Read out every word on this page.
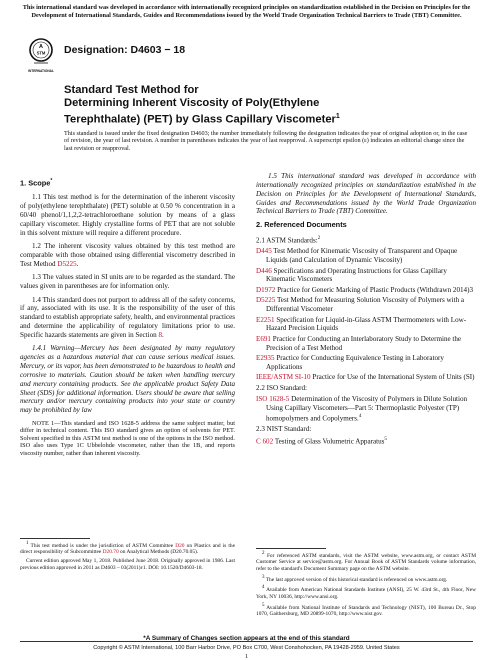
This international standard was developed in accordance with internationally recognized principles on standardization established in the Decision on Principles for the Development of International Standards, Guides and Recommendations issued by the World Trade Organization Technical Barriers to Trade (TBT) Committee.
A
STM
INTERNATIONAL
Designation: D4603 − 18
Standard Test Method for
Determining Inherent Viscosity of Poly(Ethylene
Terephthalate) (PET) by Glass Capillary Viscometer$^1$
This standard is issued under the fixed designation D4603; the number immediately following the designation indicates the year of original adoption or, in the case of revision, the year of last revision. A number in parentheses indicates the year of last reapproval. A superscript epsilon (ε) indicates an editorial change since the last revision or reapproval.
1. Scope*

1.1 This test method is for the determination of the inherent viscosity of poly(ethylene terephthalate) (PET) soluble at 0.50 % concentration in a 60/40 phenol/1,1,2,2-tetrachloroethane solution by means of a glass capillary viscometer. Highly crystalline forms of PET that are not soluble in this solvent mixture will require a different procedure.

1.2 The inherent viscosity values obtained by this test method are comparable with those obtained using differential viscometry described in Test Method D5225.

1.3 The values stated in SI units are to be regarded as the standard. The values given in parentheses are for information only.

1.4 This standard does not purport to address all of the safety concerns, if any, associated with its use. It is the responsibility of the user of this standard to establish appropriate safety, health, and environmental practices and determine the applicability of regulatory limitations prior to use. Specific hazards statements are given in Section 8.

1.4.1 Warning—Mercury has been designated by many regulatory agencies as a hazardous material that can cause serious medical issues. Mercury, or its vapor, has been demonstrated to be hazardous to health and corrosive to materials. Caution should be taken when handling mercury and mercury containing products. See the applicable product Safety Data Sheet (SDS) for additional information. Users should be aware that selling mercury and/or mercury containing products into your state or country may be prohibited by law

NOTE 1—This standard and ISO 1628-5 address the same subject matter, but differ in technical content. This ISO standard gives an option of solvents for PET. Solvent specified in this ASTM test method is one of the options in the ISO method. ISO also uses Type 1C Ubbelohde viscometer, rather than the 1B, and reports viscosity number, rather than inherent viscosity.
$^1$ This test method is under the jurisdiction of ASTM Committee D20 on Plastics and is the direct responsibility of Subcommittee D20.70 on Analytical Methods (D20.70.05).
Current edition approved May 1, 2018. Published June 2018. Originally approved in 1986. Last previous edition approved in 2011 as D4603 – 03(2011)ε1. DOI: 10.1520/D4603-18.

1.5 This international standard was developed in accordance with internationally recognized principles on standardization established in the Decision on Principles for the Development of International Standards, Guides and Recommendations issued by the World Trade Organization Technical Barriers to Trade (TBT) Committee.

2. Referenced Documents
2.1 ASTM Standards:$^2$
D445 Test Method for Kinematic Viscosity of Transparent and Opaque Liquids (and Calculation of Dynamic Viscosity)
D446 Specifications and Operating Instructions for Glass Capillary Kinematic Viscometers
D1972 Practice for Generic Marking of Plastic Products (Withdrawn 2014)3
D5225 Test Method for Measuring Solution Viscosity of Polymers with a Differential Viscometer
E2251 Specification for Liquid-in-Glass ASTM Thermometers with Low-Hazard Precision Liquids
E691 Practice for Conducting an Interlaboratory Study to Determine the Precision of a Test Method
E2935 Practice for Conducting Equivalence Testing in Laboratory Applications
IEEE/ASTM SI-10 Practice for Use of the International System of Units (SI)
2.2 ISO Standard:
ISO 1628-5 Determination of the Viscosity of Polymers in Dilute Solution Using Capillary Viscometers—Part 5: Thermoplastic Polyester (TP) homopolymers and Copolymers.$^4$
2.3 NIST Standard:
C 602 Testing of Glass Volumetric Apparatus$^5$
$^2$ For referenced ASTM standards, visit the ASTM website, www.astm.org, or contact ASTM Customer Service at service@astm.org. For Annual Book of ASTM Standards volume information, refer to the standard's Document Summary page on the ASTM website.
$^3$ The last approved version of this historical standard is referenced on www.astm.org.
$^4$ Available from American National Standards Institute (ANSI), 25 W. 43rd St., 4th Floor, New York, NY 10036, http://www.ansi.org.
$^5$ Available from National Institute of Standards and Technology (NIST), 100 Bureau Dr., Stop 1070, Gaithersburg, MD 20899-1070, http://www.nist.gov.
*A Summary of Changes section appears at the end of this standard
Copyright © ASTM International, 100 Barr Harbor Drive, PO Box C700, West Conshohocken, PA 19428-2959. United States
1
